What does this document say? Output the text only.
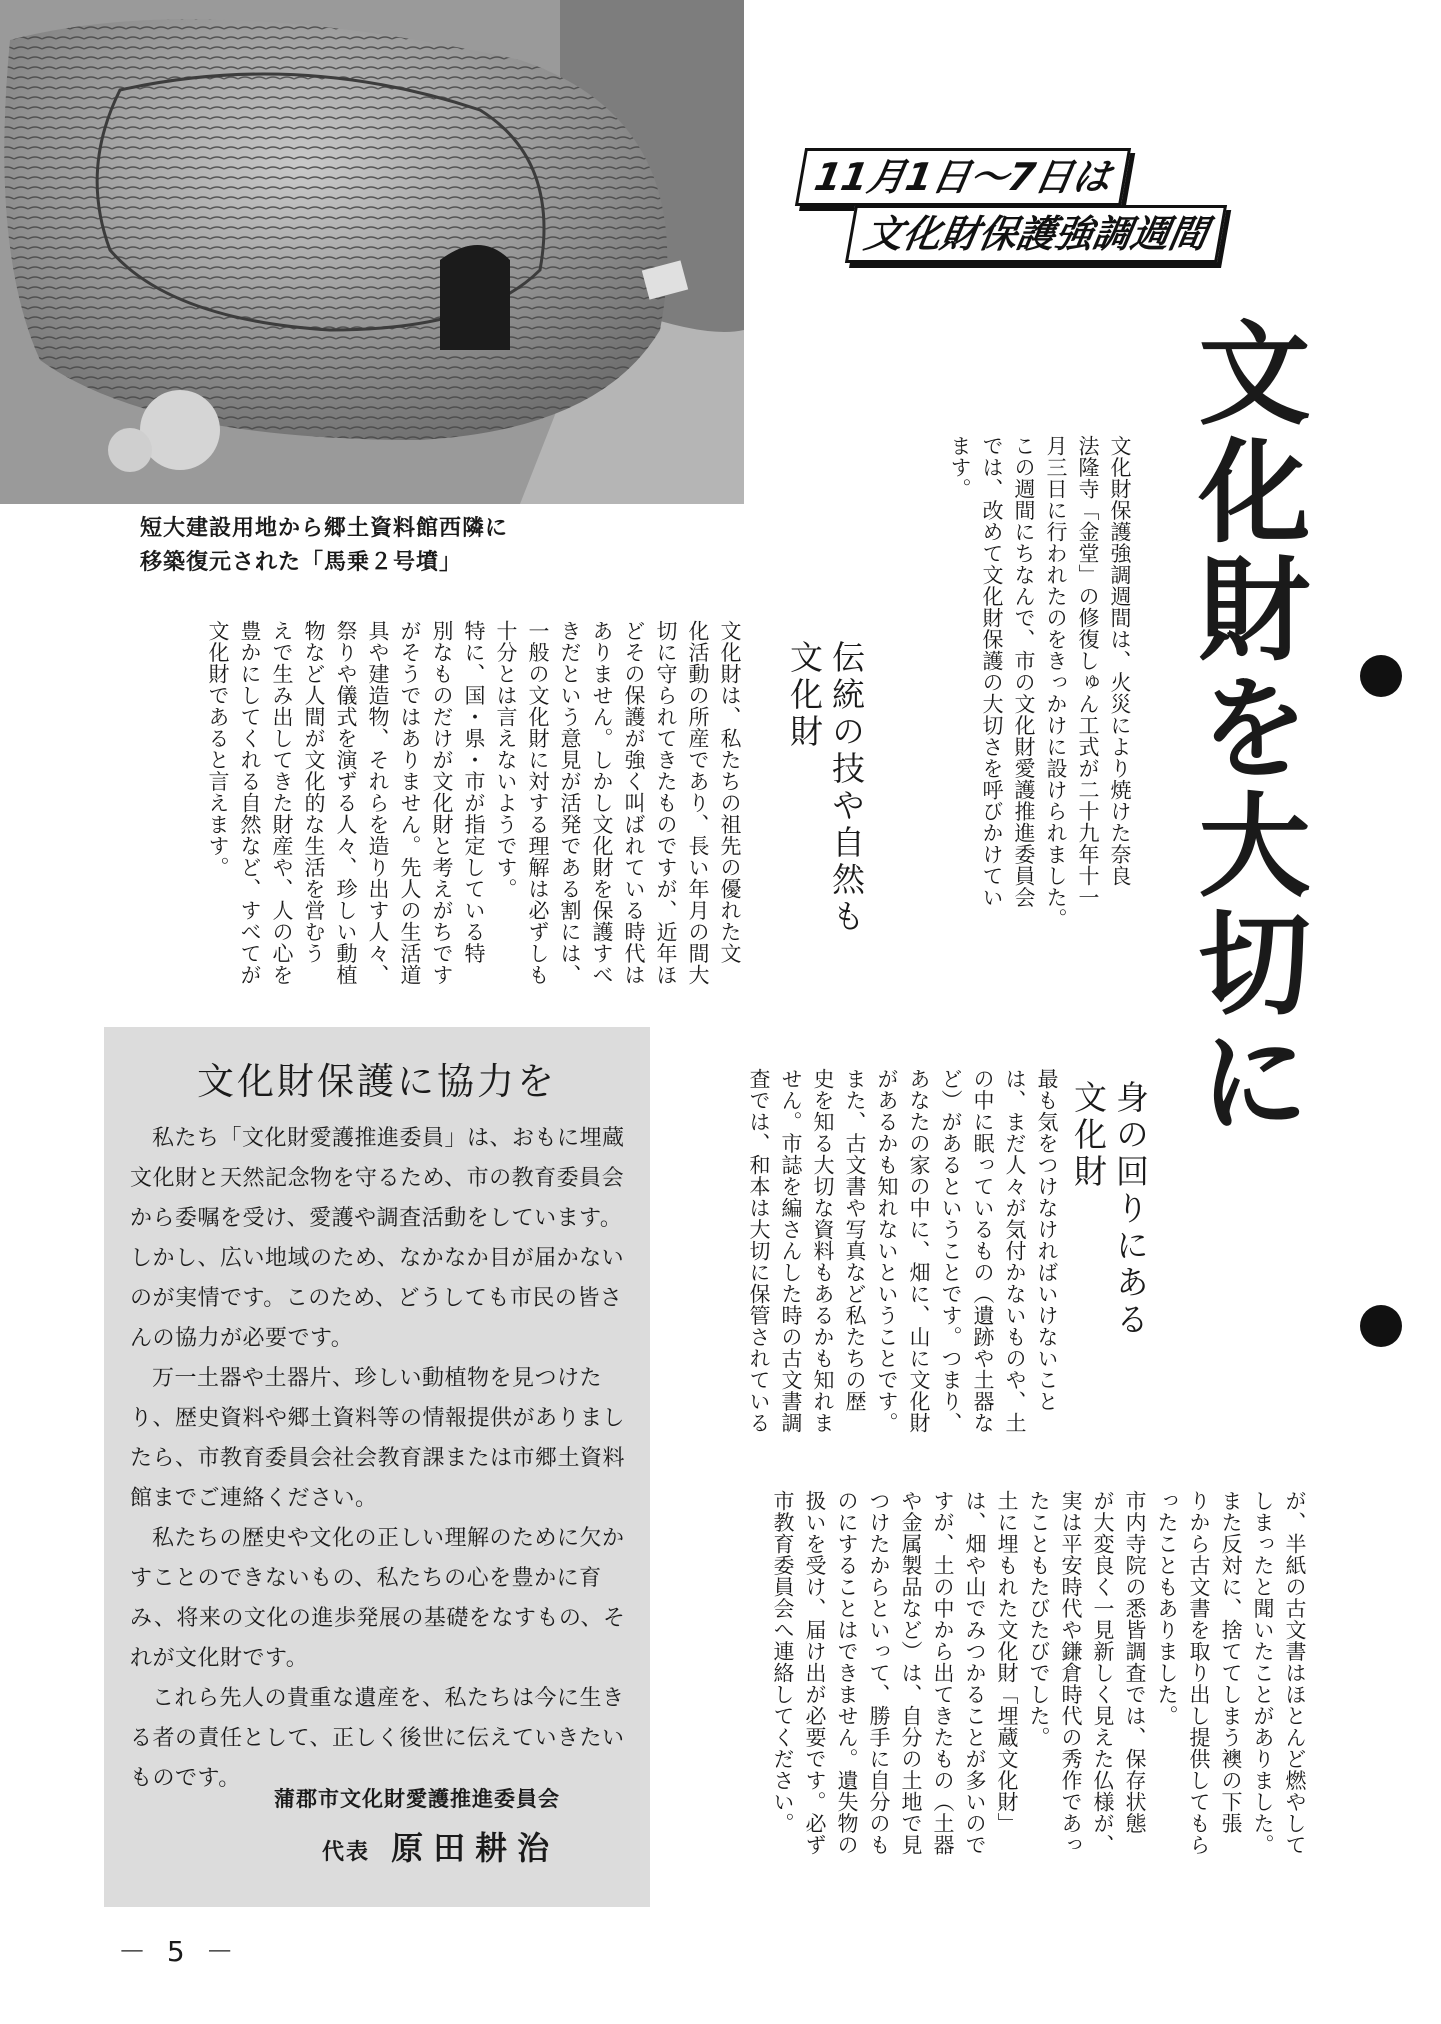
短大建設用地から郷土資料館西隣に
移築復元された「馬乗２号墳」
11月1日～7日は
文化財保護強調週間
文化財を大切に
文化財保護強調週間は、火災により焼けた奈良
法隆寺「金堂」の修復しゅん工式が二十九年十一
月三日に行われたのをきっかけに設けられました。
この週間にちなんで、市の文化財愛護推進委員会
では、改めて文化財保護の大切さを呼びかけてい
ます。
伝統の技や自然も
文化財
文化財は、私たちの祖先の優れた文
化活動の所産であり、長い年月の間大
切に守られてきたものですが、近年ほ
どその保護が強く叫ばれている時代は
ありません。しかし文化財を保護すべ
きだという意見が活発である割には、
一般の文化財に対する理解は必ずしも
十分とは言えないようです。
特に、国・県・市が指定している特
別なものだけが文化財と考えがちです
がそうではありません。先人の生活道
具や建造物、それらを造り出す人々、
祭りや儀式を演ずる人々、珍しい動植
物など人間が文化的な生活を営むう
えで生み出してきた財産や、人の心を
豊かにしてくれる自然など、すべてが
文化財であると言えます。
身の回りにある
文化財
最も気をつけなければいけないこと
は、まだ人々が気付かないものや、土
の中に眠っているもの（遺跡や土器な
ど）があるということです。つまり、
あなたの家の中に、畑に、山に文化財
があるかも知れないということです。
また、古文書や写真など私たちの歴
史を知る大切な資料もあるかも知れま
せん。市誌を編さんした時の古文書調
査では、和本は大切に保管されている
が、半紙の古文書はほとんど燃やして
しまったと聞いたことがありました。
また反対に、捨ててしまう襖の下張
りから古文書を取り出し提供してもら
ったこともありました。
市内寺院の悉皆調査では、保存状態
が大変良く一見新しく見えた仏様が、
実は平安時代や鎌倉時代の秀作であっ
たこともたびたびでした。
土に埋もれた文化財「埋蔵文化財」
は、畑や山でみつかることが多いので
すが、土の中から出てきたもの（土器
や金属製品など）は、自分の土地で見
つけたからといって、勝手に自分のも
のにすることはできません。遺失物の
扱いを受け、届け出が必要です。必ず
市教育委員会へ連絡してください。
文化財保護に協力を

私たち「文化財愛護推進委員」は、おもに埋蔵文化財と天然記念物を守るため、市の教育委員会から委嘱を受け、愛護や調査活動をしています。しかし、広い地域のため、なかなか目が届かないのが実情です。このため、どうしても市民の皆さんの協力が必要です。

万一土器や土器片、珍しい動植物を見つけたり、歴史資料や郷土資料等の情報提供がありましたら、市教育委員会社会教育課または市郷土資料館までご連絡ください。

私たちの歴史や文化の正しい理解のために欠かすことのできないもの、私たちの心を豊かに育み、将来の文化の進歩発展の基礎をなすもの、それが文化財です。

これら先人の貴重な遺産を、私たちは今に生きる者の責任として、正しく後世に伝えていきたいものです。

蒲郡市文化財愛護推進委員会
代表 原田耕治
－ 5 －
